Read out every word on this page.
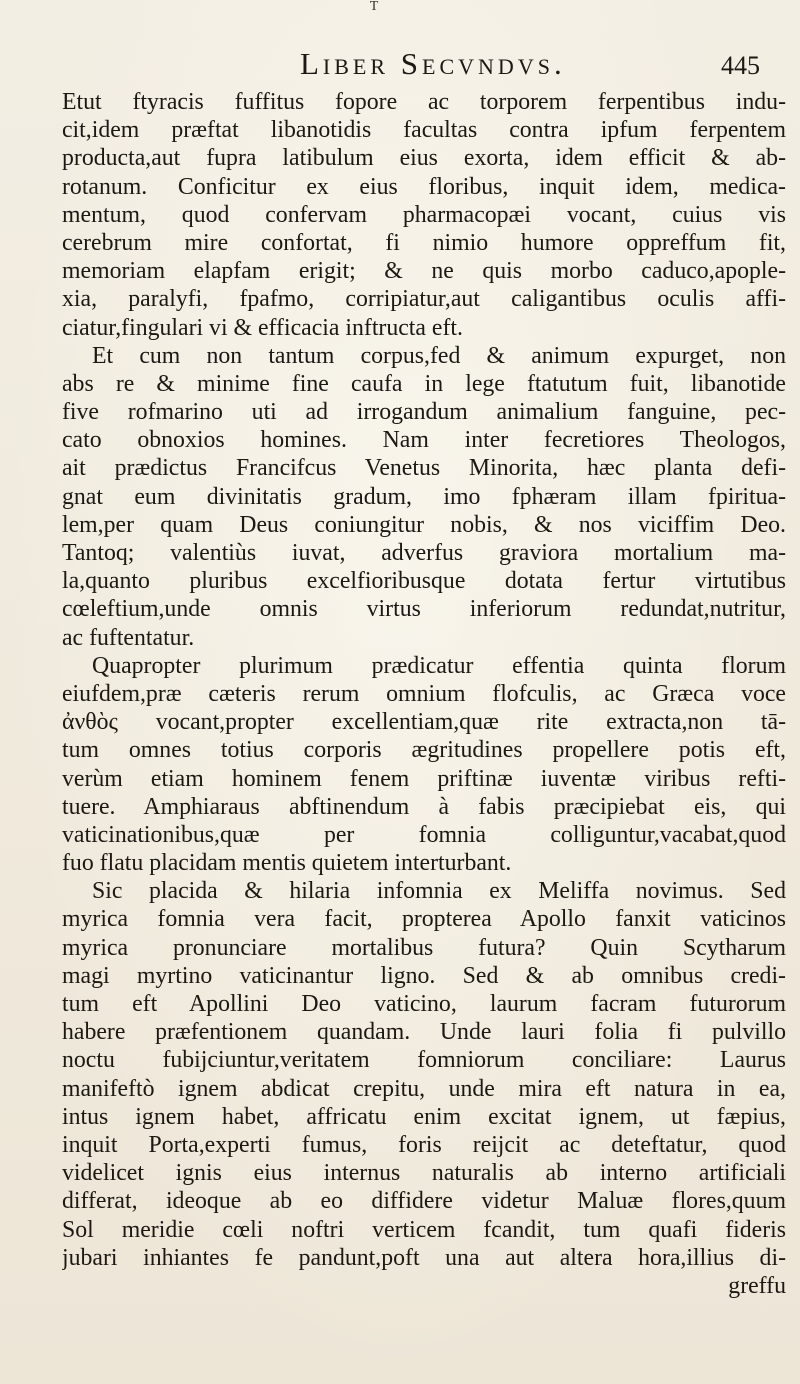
T
Liber Secvndvs.	445
Etut ftyracis fuffitus fopore ac torporem ferpentibus indu-
cit,idem præftat libanotidis facultas contra ipfum ferpentem
producta,aut fupra latibulum eius exorta, idem efficit & ab-
rotanum. Conficitur ex eius floribus, inquit idem, medica-
mentum, quod confervam pharmacopæi vocant, cuius vis
cerebrum mire confortat, fi nimio humore oppreffum fit,
memoriam elapfam erigit; & ne quis morbo caduco,apople-
xia, paralyfi, fpafmo, corripiatur,aut caligantibus oculis affi-
ciatur,fingulari vi & efficacia inftructa eft.
Et cum non tantum corpus,fed & animum expurget, non
abs re & minime fine caufa in lege ftatutum fuit, libanotide
five rofmarino uti ad irrogandum animalium fanguine, pec-
cato obnoxios homines. Nam inter fecretiores Theologos,
ait prædictus Francifcus Venetus Minorita, hæc planta defi-
gnat eum divinitatis gradum, imo fphæram illam fpiritua-
lem,per quam Deus coniungitur nobis, & nos viciffim Deo.
Tantoq; valentiùs iuvat, adverfus graviora mortalium ma-
la,quanto pluribus excelfioribusque dotata fertur virtutibus
cœleftium,unde omnis virtus inferiorum redundat,nutritur,
ac fuftentatur.
Quapropter plurimum prædicatur effentia quinta florum
eiufdem,præ cæteris rerum omnium flofculis, ac Græca voce
ἀνθὸς vocant,propter excellentiam,quæ rite extracta,non tā-
tum omnes totius corporis ægritudines propellere potis eft,
verùm etiam hominem fenem priftinæ iuventæ viribus refti-
tuere. Amphiaraus abftinendum à fabis præcipiebat eis, qui
vaticinationibus,quæ per fomnia colliguntur,vacabat,quod
fuo flatu placidam mentis quietem interturbant.
Sic placida & hilaria infomnia ex Meliffa novimus. Sed
myrica fomnia vera facit, propterea Apollo fanxit vaticinos
myrica pronunciare mortalibus futura? Quin Scytharum
magi myrtino vaticinantur ligno. Sed & ab omnibus credi-
tum eft Apollini Deo vaticino, laurum facram futurorum
habere præfentionem quandam. Unde lauri folia fi pulvillo
noctu fubijciuntur,veritatem fomniorum conciliare: Laurus
manifeftò ignem abdicat crepitu, unde mira eft natura in ea,
intus ignem habet, affricatu enim excitat ignem, ut fæpius,
inquit Porta,experti fumus, foris reijcit ac deteftatur, quod
videlicet ignis eius internus naturalis ab interno artificiali
differat, ideoque ab eo diffidere videtur Maluæ flores,quum
Sol meridie cœli noftri verticem fcandit, tum quafi fideris
jubari inhiantes fe pandunt,poft una aut altera hora,illius di-
greffu
